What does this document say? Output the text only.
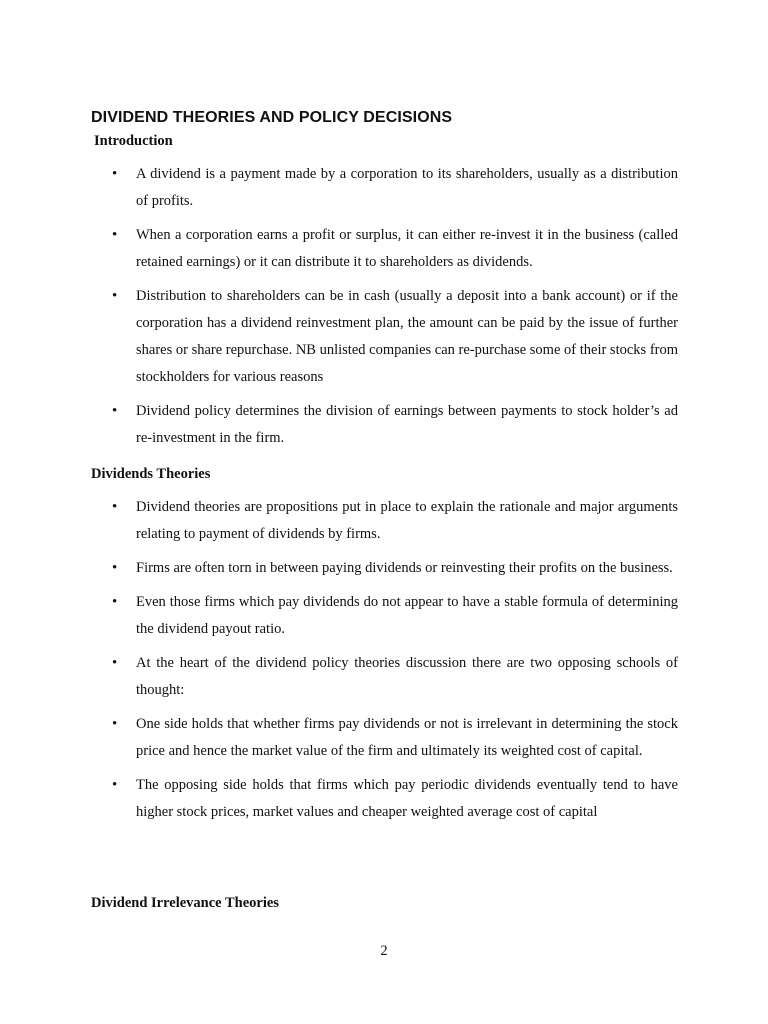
DIVIDEND THEORIES AND POLICY DECISIONS
Introduction
• A dividend is a payment made by a corporation to its shareholders, usually as a distribution of profits.
• When a corporation earns a profit or surplus, it can either re-invest it in the business (called retained earnings) or it can distribute it to shareholders as dividends.
• Distribution to shareholders can be in cash (usually a deposit into a bank account) or if the corporation has a dividend reinvestment plan, the amount can be paid by the issue of further shares or share repurchase. NB unlisted companies can re-purchase some of their stocks from stockholders for various reasons
• Dividend policy determines the division of earnings between payments to stock holder’s ad re-investment in the firm.
Dividends Theories
• Dividend theories are propositions put in place to explain the rationale and major arguments relating to payment of dividends by firms.
• Firms are often torn in between paying dividends or reinvesting their profits on the business.
• Even those firms which pay dividends do not appear to have a stable formula of determining the dividend payout ratio.
• At the heart of the dividend policy theories discussion there are two opposing schools of thought:
• One side holds that whether firms pay dividends or not is irrelevant in determining the stock price and hence the market value of the firm and ultimately its weighted cost of capital.
• The opposing side holds that firms which pay periodic dividends eventually tend to have higher stock prices, market values and cheaper weighted average cost of capital
Dividend Irrelevance Theories
2
